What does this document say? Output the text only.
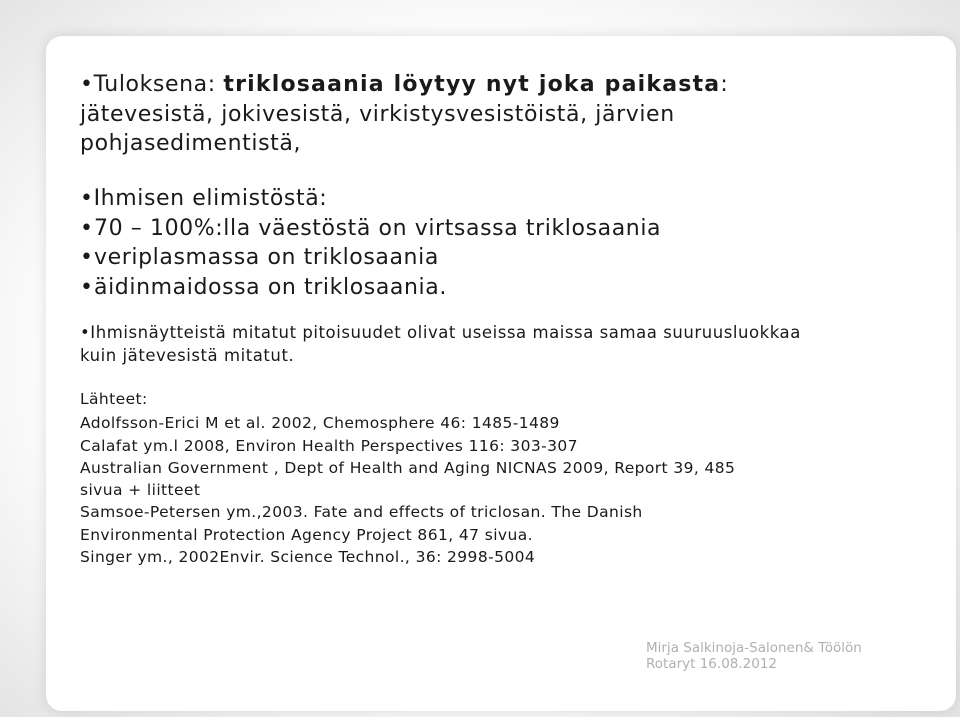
•Tuloksena: triklosaania löytyy nyt joka paikasta:
jätevesistä, jokivesistä, virkistysvesistöistä, järvien
pohjasedimentistä,
•Ihmisen elimistöstä:
•70 – 100%:lla väestöstä on virtsassa triklosaania
•veriplasmassa on triklosaania
•äidinmaidossa on triklosaania.
•Ihmisnäytteistä mitatut pitoisuudet olivat useissa maissa samaa suuruusluokkaa
kuin jätevesistä mitatut.
Lähteet:
Adolfsson-Erici M et al. 2002, Chemosphere 46: 1485-1489
Calafat ym.l 2008, Environ Health Perspectives 116: 303-307
Australian Government , Dept of Health and Aging NICNAS 2009, Report 39, 485
sivua + liitteet
Samsoe-Petersen ym.,2003. Fate and effects of triclosan. The Danish
Environmental Protection Agency Project 861, 47 sivua.
Singer ym., 2002Envir. Science Technol., 36: 2998-5004
Mirja Salkinoja-Salonen& Töölön
Rotaryt 16.08.2012
